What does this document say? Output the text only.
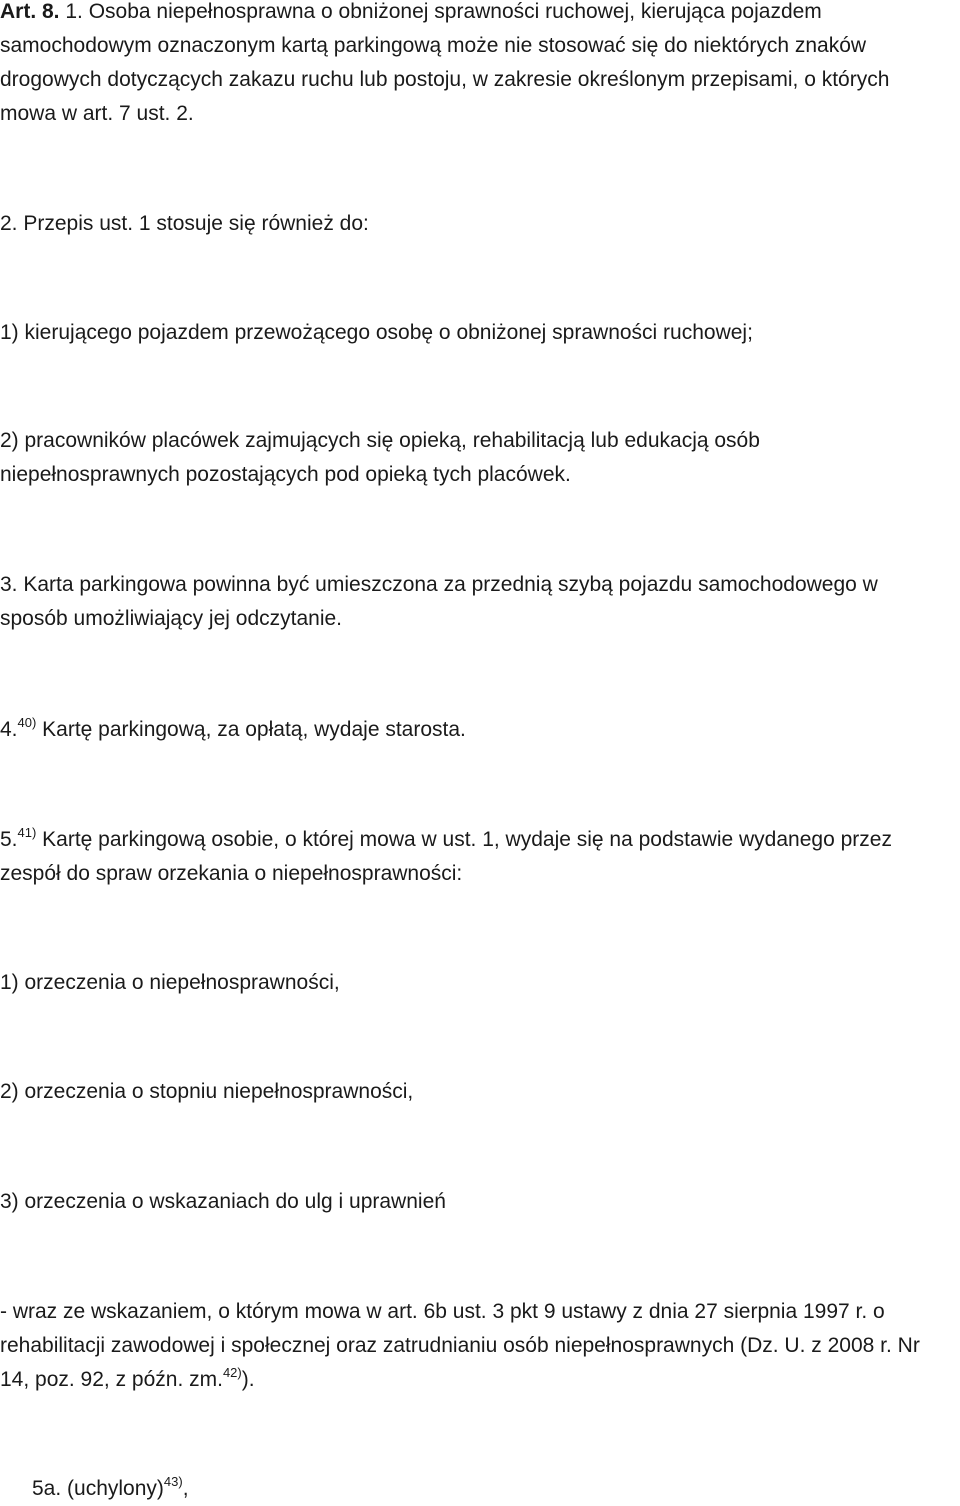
Art. 8. 1. Osoba niepełnosprawna o obniżonej sprawności ruchowej, kierująca pojazdem
samochodowym oznaczonym kartą parkingową może nie stosować się do niektórych znaków
drogowych dotyczących zakazu ruchu lub postoju, w zakresie określonym przepisami, o których
mowa w art. 7 ust. 2.
2. Przepis ust. 1 stosuje się również do:
1) kierującego pojazdem przewożącego osobę o obniżonej sprawności ruchowej;
2) pracowników placówek zajmujących się opieką, rehabilitacją lub edukacją osób
niepełnosprawnych pozostających pod opieką tych placówek.
3. Karta parkingowa powinna być umieszczona za przednią szybą pojazdu samochodowego w
sposób umożliwiający jej odczytanie.
4.$^{40)}$ Kartę parkingową, za opłatą, wydaje starosta.
5.$^{41)}$ Kartę parkingową osobie, o której mowa w ust. 1, wydaje się na podstawie wydanego przez
zespół do spraw orzekania o niepełnosprawności:
1) orzeczenia o niepełnosprawności,
2) orzeczenia o stopniu niepełnosprawności,
3) orzeczenia o wskazaniach do ulg i uprawnień
- wraz ze wskazaniem, o którym mowa w art. 6b ust. 3 pkt 9 ustawy z dnia 27 sierpnia 1997 r. o
rehabilitacji zawodowej i społecznej oraz zatrudnianiu osób niepełnosprawnych (Dz. U. z 2008 r. Nr
14, poz. 92, z późn. zm.$^{42)}$).
5a. (uchylony)$^{43)}$,
